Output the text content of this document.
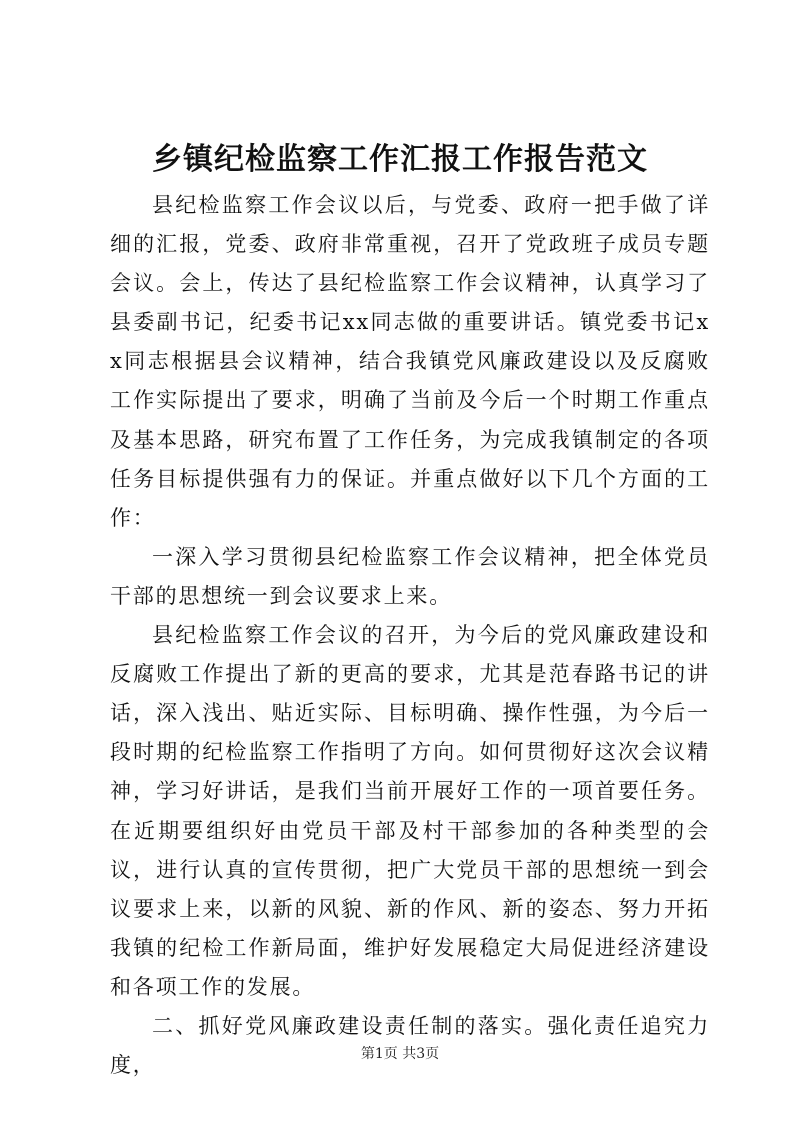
乡镇纪检监察工作汇报工作报告范文

县纪检监察工作会议以后，与党委、政府一把手做了详细的汇报，党委、政府非常重视，召开了党政班子成员专题会议。会上，传达了县纪检监察工作会议精神，认真学习了县委副书记，纪委书记xx同志做的重要讲话。镇党委书记xx同志根据县会议精神，结合我镇党风廉政建设以及反腐败工作实际提出了要求，明确了当前及今后一个时期工作重点及基本思路，研究布置了工作任务，为完成我镇制定的各项任务目标提供强有力的保证。并重点做好以下几个方面的工作：

一深入学习贯彻县纪检监察工作会议精神，把全体党员干部的思想统一到会议要求上来。

县纪检监察工作会议的召开，为今后的党风廉政建设和反腐败工作提出了新的更高的要求，尤其是范春路书记的讲话，深入浅出、贴近实际、目标明确、操作性强，为今后一段时期的纪检监察工作指明了方向。如何贯彻好这次会议精神，学习好讲话，是我们当前开展好工作的一项首要任务。在近期要组织好由党员干部及村干部参加的各种类型的会议，进行认真的宣传贯彻，把广大党员干部的思想统一到会议要求上来，以新的风貌、新的作风、新的姿态、努力开拓我镇的纪检工作新局面，维护好发展稳定大局促进经济建设和各项工作的发展。

二、抓好党风廉政建设责任制的落实。强化责任追究力度，	第1页 共3页
